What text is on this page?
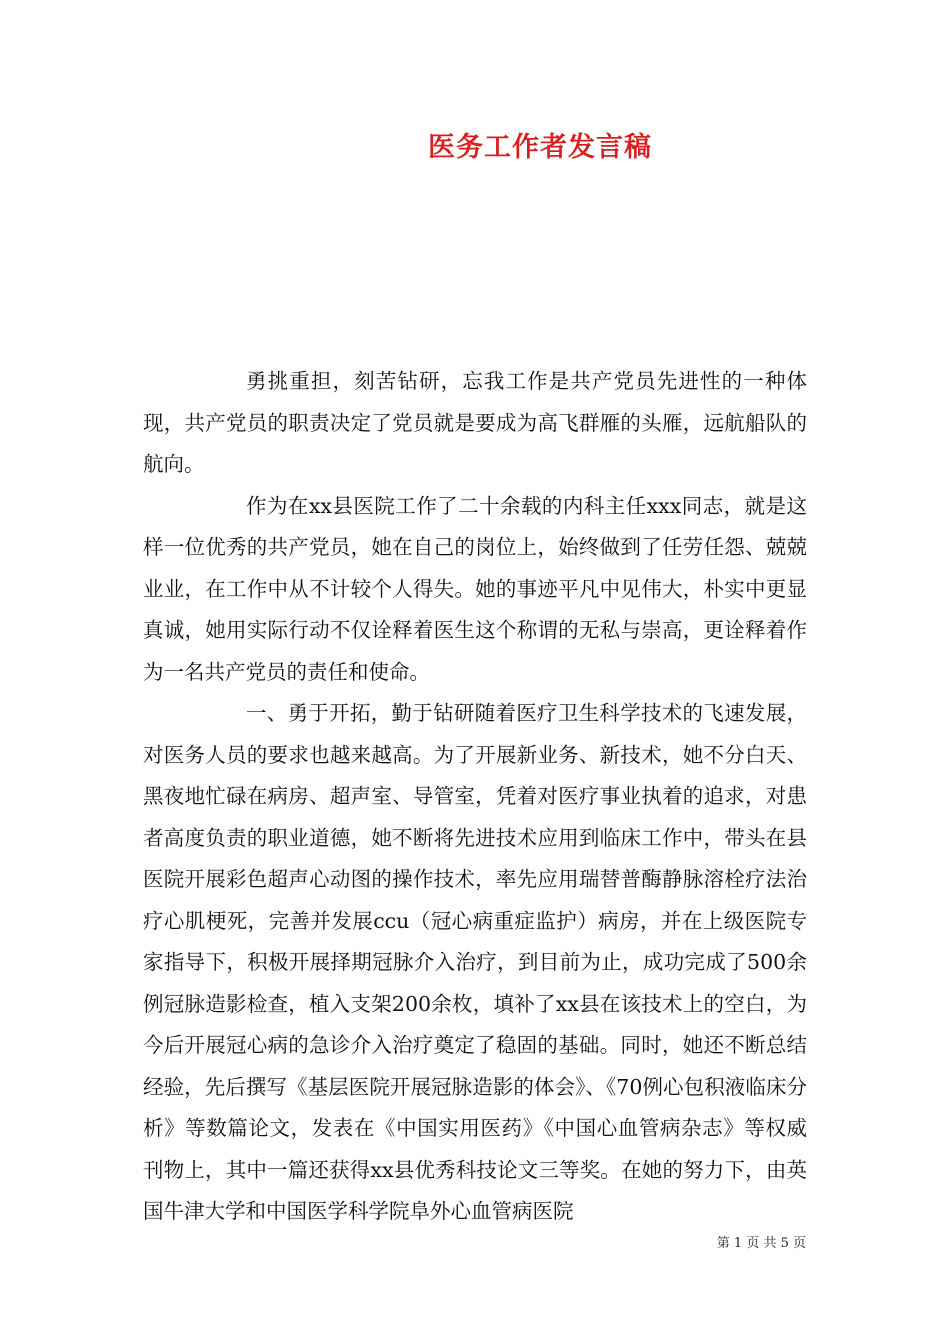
医务工作者发言稿

勇挑重担，刻苦钻研，忘我工作是共产党员先进性的一种体现，共产党员的职责决定了党员就是要成为高飞群雁的头雁，远航船队的航向。

作为在xx县医院工作了二十余载的内科主任xxx同志，就是这样一位优秀的共产党员，她在自己的岗位上，始终做到了任劳任怨、兢兢业业，在工作中从不计较个人得失。她的事迹平凡中见伟大，朴实中更显真诚，她用实际行动不仅诠释着医生这个称谓的无私与崇高，更诠释着作为一名共产党员的责任和使命。

一、勇于开拓，勤于钻研随着医疗卫生科学技术的飞速发展，对医务人员的要求也越来越高。为了开展新业务、新技术，她不分白天、黑夜地忙碌在病房、超声室、导管室，凭着对医疗事业执着的追求，对患者高度负责的职业道德，她不断将先进技术应用到临床工作中，带头在县医院开展彩色超声心动图的操作技术，率先应用瑞替普酶静脉溶栓疗法治疗心肌梗死，完善并发展ccu（冠心病重症监护）病房，并在上级医院专家指导下，积极开展择期冠脉介入治疗，到目前为止，成功完成了500余例冠脉造影检查，植入支架200余枚，填补了xx县在该技术上的空白，为今后开展冠心病的急诊介入治疗奠定了稳固的基础。同时，她还不断总结经验，先后撰写《基层医院开展冠脉造影的体会》、《70例心包积液临床分析》等数篇论文，发表在《中国实用医药》《中国心血管病杂志》等权威刊物上，其中一篇还获得xx县优秀科技论文三等奖。在她的努力下，由英国牛津大学和中国医学科学院阜外心血管病医院

第 1 页 共 5 页
